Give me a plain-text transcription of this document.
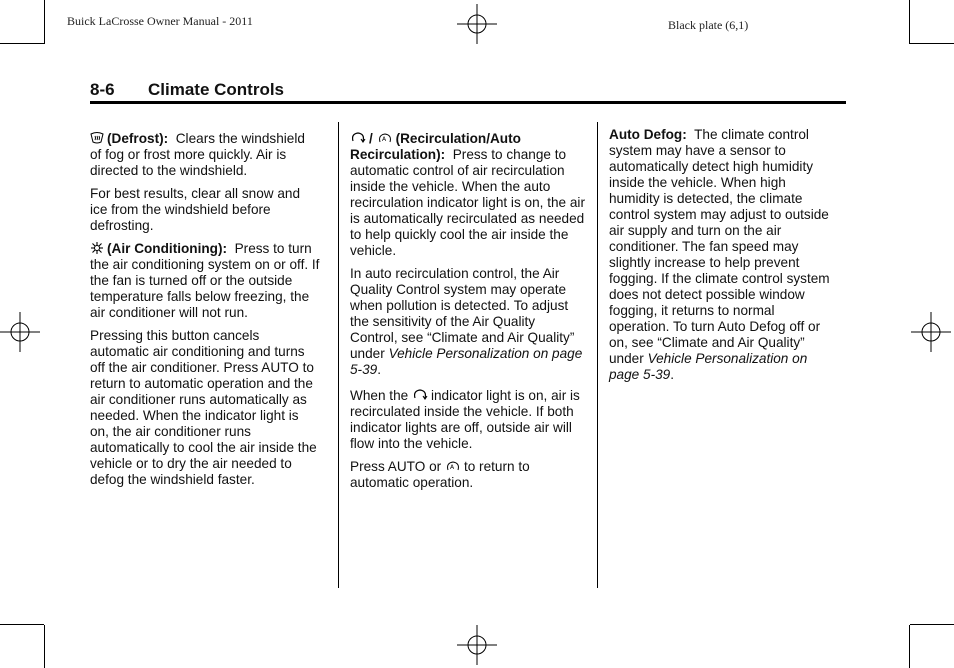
Buick LaCrosse Owner Manual - 2011	Black plate (6,1)
8-6 Climate Controls

(Defrost): Clears the windshield of fog or frost more quickly. Air is directed to the windshield.

For best results, clear all snow and ice from the windshield before defrosting.

(Air Conditioning): Press to turn the air conditioning system on or off. If the fan is turned off or the outside temperature falls below freezing, the air conditioner will not run.

Pressing this button cancels automatic air conditioning and turns off the air conditioner. Press AUTO to return to automatic operation and the air conditioner runs automatically as needed. When the indicator light is on, the air conditioner runs automatically to cool the air inside the vehicle or to dry the air needed to defog the windshield faster.

/ A (Recirculation/Auto Recirculation): Press to change to automatic control of air recirculation inside the vehicle. When the auto recirculation indicator light is on, the air is automatically recirculated as needed to help quickly cool the air inside the vehicle.

In auto recirculation control, the Air Quality Control system may operate when pollution is detected. To adjust the sensitivity of the Air Quality Control, see “Climate and Air Quality” under Vehicle Personalization on page 5‑39.

When the indicator light is on, air is recirculated inside the vehicle. If both indicator lights are off, outside air will flow into the vehicle.

Press AUTO or A to return to automatic operation.

Auto Defog: The climate control system may have a sensor to automatically detect high humidity inside the vehicle. When high humidity is detected, the climate control system may adjust to outside air supply and turn on the air conditioner. The fan speed may slightly increase to help prevent fogging. If the climate control system does not detect possible window fogging, it returns to normal operation. To turn Auto Defog off or on, see “Climate and Air Quality” under Vehicle Personalization on page 5‑39.
